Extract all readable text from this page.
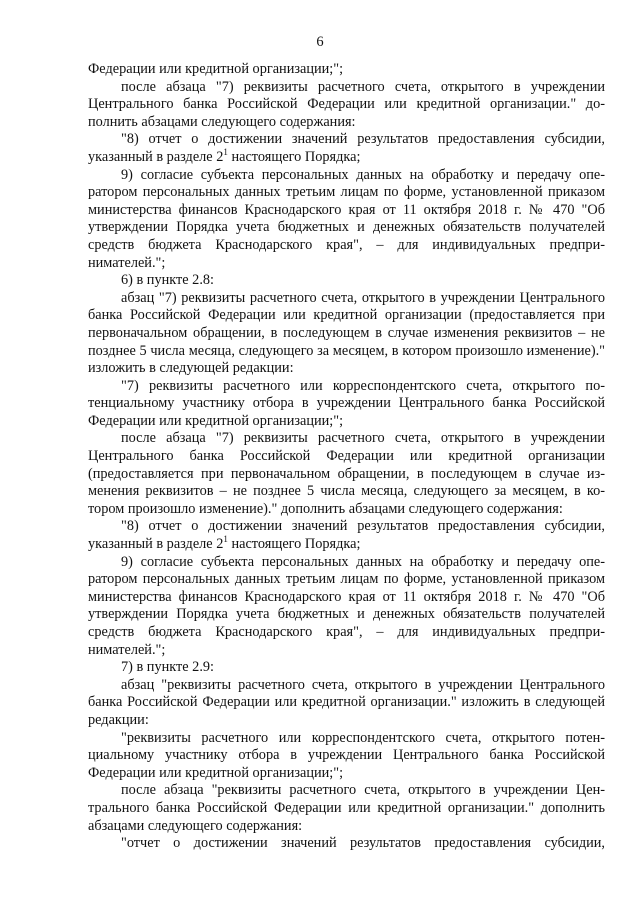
6

Федерации или кредитной организации;";

после абзаца "7) реквизиты расчетного счета, открытого в учреждении Центрального банка Российской Федерации или кредитной организации." дополнить абзацами следующего содержания:

"8) отчет о достижении значений результатов предоставления субсидии, указанный в разделе $2^1$ настоящего Порядка;

9) согласие субъекта персональных данных на обработку и передачу оператором персональных данных третьим лицам по форме, установленной приказом министерства финансов Краснодарского края от 11 октября 2018 г. № 470 "Об утверждении Порядка учета бюджетных и денежных обязательств получателей средств бюджета Краснодарского края", – для индивидуальных предпринимателей.";

6) в пункте 2.8:

абзац "7) реквизиты расчетного счета, открытого в учреждении Центрального банка Российской Федерации или кредитной организации (предоставляется при первоначальном обращении, в последующем в случае изменения реквизитов – не позднее 5 числа месяца, следующего за месяцем, в котором произошло изменение)." изложить в следующей редакции:

"7) реквизиты расчетного или корреспондентского счета, открытого потенциальному участнику отбора в учреждении Центрального банка Российской Федерации или кредитной организации;";

после абзаца "7) реквизиты расчетного счета, открытого в учреждении Центрального банка Российской Федерации или кредитной организации (предоставляется при первоначальном обращении, в последующем в случае изменения реквизитов – не позднее 5 числа месяца, следующего за месяцем, в котором произошло изменение)." дополнить абзацами следующего содержания:

"8) отчет о достижении значений результатов предоставления субсидии, указанный в разделе $2^1$ настоящего Порядка;

9) согласие субъекта персональных данных на обработку и передачу оператором персональных данных третьим лицам по форме, установленной приказом министерства финансов Краснодарского края от 11 октября 2018 г. № 470 "Об утверждении Порядка учета бюджетных и денежных обязательств получателей средств бюджета Краснодарского края", – для индивидуальных предпринимателей.";

7) в пункте 2.9:

абзац "реквизиты расчетного счета, открытого в учреждении Центрального банка Российской Федерации или кредитной организации." изложить в следующей редакции:

"реквизиты расчетного или корреспондентского счета, открытого потенциальному участнику отбора в учреждении Центрального банка Российской Федерации или кредитной организации;";

после абзаца "реквизиты расчетного счета, открытого в учреждении Центрального банка Российской Федерации или кредитной организации." дополнить абзацами следующего содержания:

"отчет о достижении значений результатов предоставления субсидии,
